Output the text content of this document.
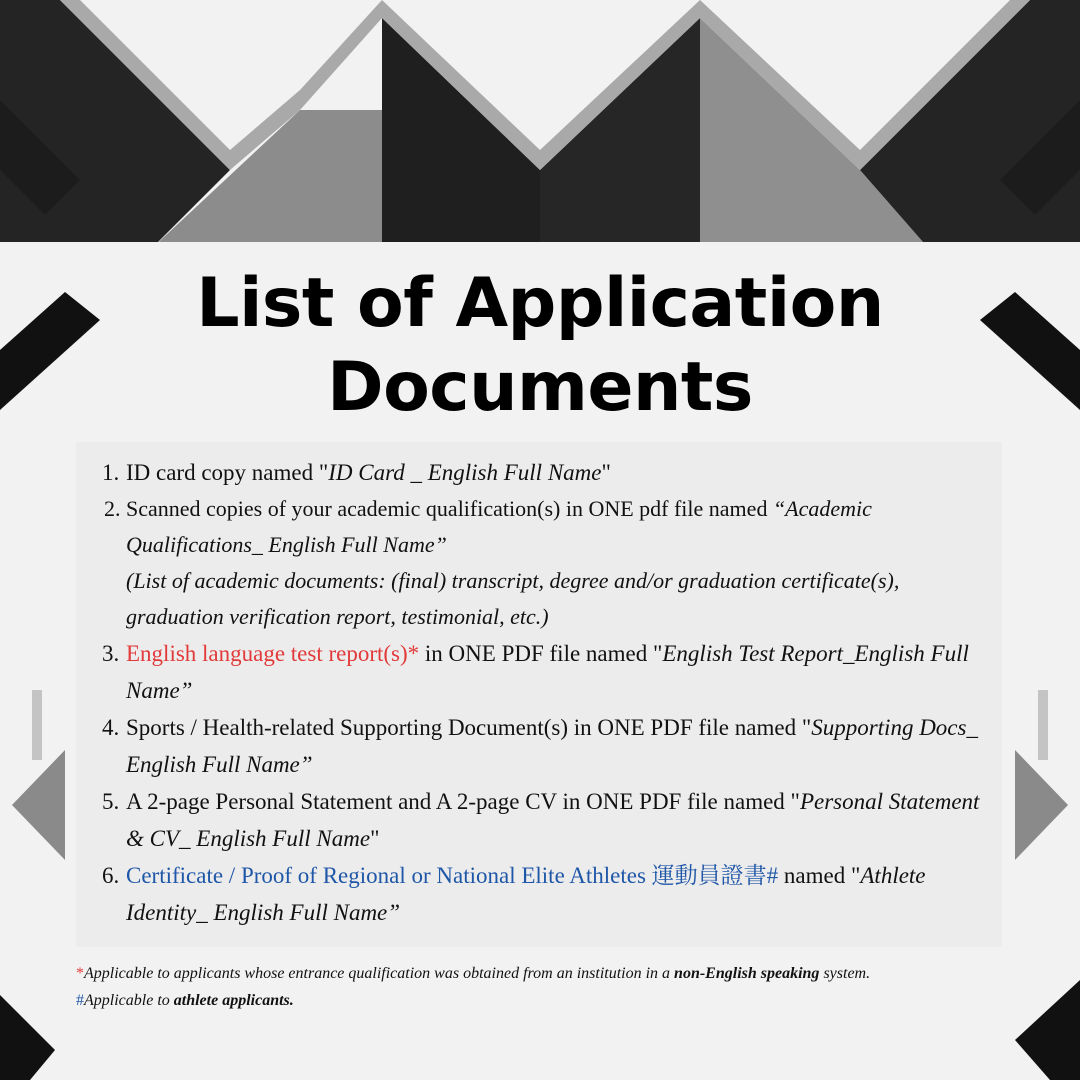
List of Application
Documents
1. ID card copy named "ID Card _ English Full Name"
2. Scanned copies of your academic qualification(s) in ONE pdf file named “Academic Qualifications_ English Full Name”
(List of academic documents: (final) transcript, degree and/or graduation certificate(s), graduation verification report, testimonial, etc.)
3. English language test report(s)* in ONE PDF file named "English Test Report_English Full Name”
4. Sports / Health-related Supporting Document(s) in ONE PDF file named "Supporting Docs_ English Full Name”
5. A 2-page Personal Statement and A 2-page CV in ONE PDF file named "Personal Statement & CV_ English Full Name"
6. Certificate / Proof of Regional or National Elite Athletes 運動員證書# named "Athlete Identity_ English Full Name”
*Applicable to applicants whose entrance qualification was obtained from an institution in a non-English speaking system.
#Applicable to athlete applicants.
